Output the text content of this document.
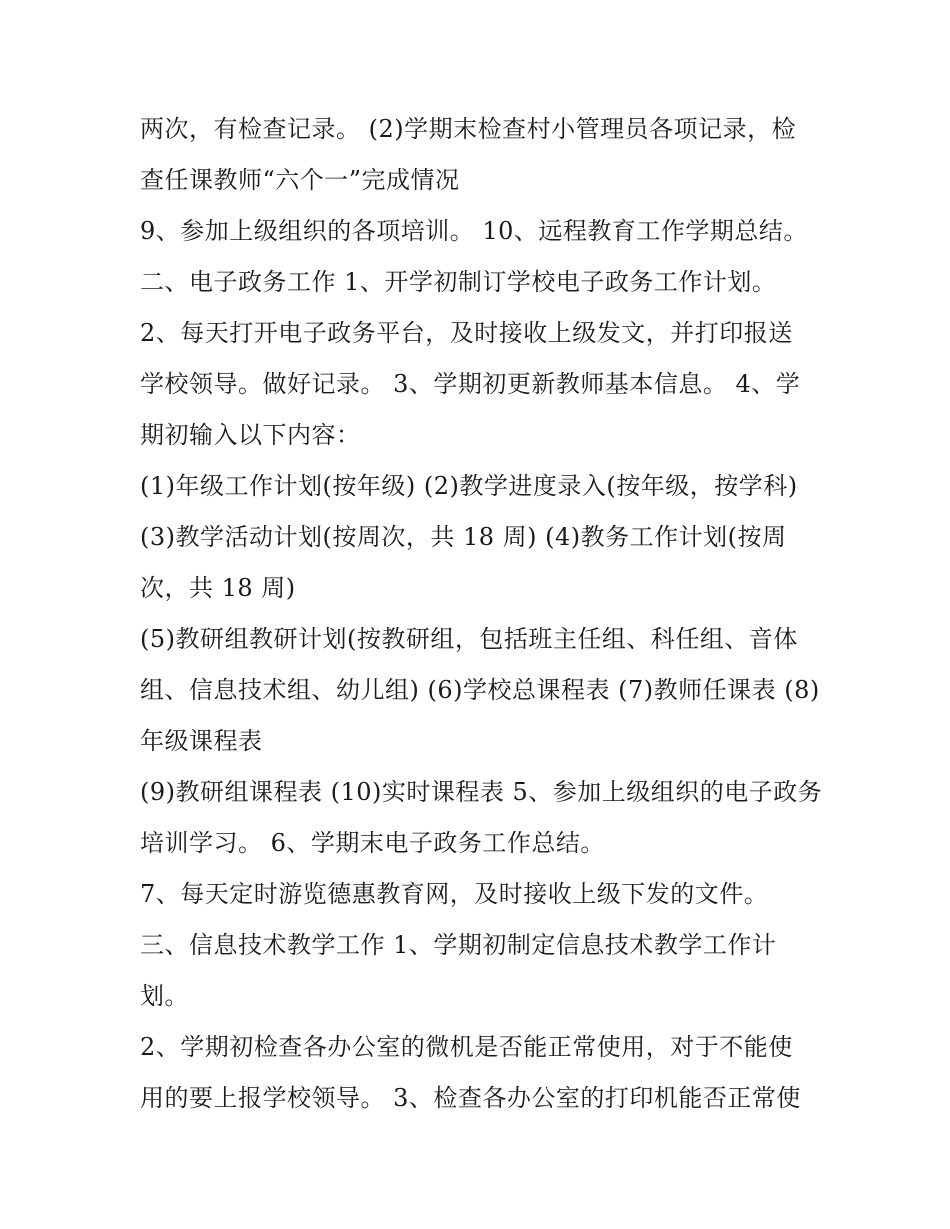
两次，有检查记录。 (2)学期末检查村小管理员各项记录，检
查任课教师“六个一”完成情况
9、参加上级组织的各项培训。 10、远程教育工作学期总结。
二、电子政务工作 1、开学初制订学校电子政务工作计划。
2、每天打开电子政务平台，及时接收上级发文，并打印报送
学校领导。做好记录。 3、学期初更新教师基本信息。 4、学
期初输入以下内容：
(1)年级工作计划(按年级) (2)教学进度录入(按年级，按学科)
(3)教学活动计划(按周次，共 18 周) (4)教务工作计划(按周
次，共 18 周)
(5)教研组教研计划(按教研组，包括班主任组、科任组、音体
组、信息技术组、幼儿组) (6)学校总课程表 (7)教师任课表 (8)
年级课程表
(9)教研组课程表 (10)实时课程表 5、参加上级组织的电子政务
培训学习。 6、学期末电子政务工作总结。
7、每天定时游览德惠教育网，及时接收上级下发的文件。
三、信息技术教学工作 1、学期初制定信息技术教学工作计
划。
2、学期初检查各办公室的微机是否能正常使用，对于不能使
用的要上报学校领导。 3、检查各办公室的打印机能否正常使
